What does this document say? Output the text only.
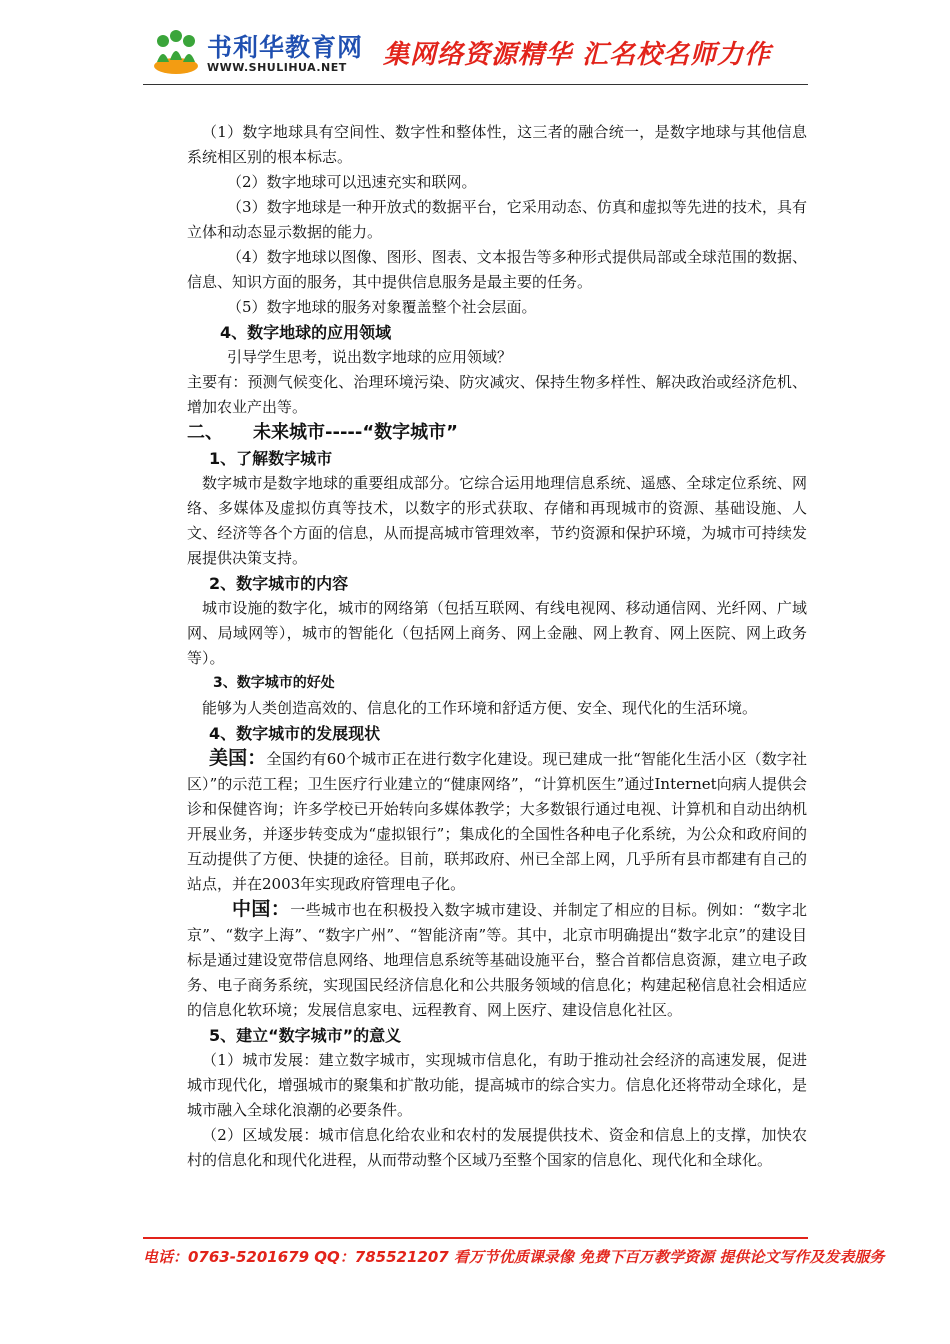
书利华教育网
WWW.SHULIHUA.NET 集网络资源精华 汇名校名师力作

（1）数字地球具有空间性、数字性和整体性，这三者的融合统一，是数字地球与其他信息系统相区别的根本标志。

（2）数字地球可以迅速充实和联网。

（3）数字地球是一种开放式的数据平台，它采用动态、仿真和虚拟等先进的技术，具有立体和动态显示数据的能力。

（4）数字地球以图像、图形、图表、文本报告等多种形式提供局部或全球范围的数据、信息、知识方面的服务，其中提供信息服务是最主要的任务。

（5）数字地球的服务对象覆盖整个社会层面。

4、数字地球的应用领域

引导学生思考，说出数字地球的应用领域？

主要有：预测气候变化、治理环境污染、防灾减灾、保持生物多样性、解决政治或经济危机、增加农业产出等。

二、 未来城市-----“数字城市”

1、了解数字城市

数字城市是数字地球的重要组成部分。它综合运用地理信息系统、遥感、全球定位系统、网络、多媒体及虚拟仿真等技术，以数字的形式获取、存储和再现城市的资源、基础设施、人文、经济等各个方面的信息，从而提高城市管理效率，节约资源和保护环境，为城市可持续发展提供决策支持。

2、数字城市的内容

城市设施的数字化，城市的网络第（包括互联网、有线电视网、移动通信网、光纤网、广域网、局域网等），城市的智能化（包括网上商务、网上金融、网上教育、网上医院、网上政务等）。

3、数字城市的好处

能够为人类创造高效的、信息化的工作环境和舒适方便、安全、现代化的生活环境。

4、数字城市的发展现状

美国：全国约有60个城市正在进行数字化建设。现已建成一批“智能化生活小区（数字社区）”的示范工程；卫生医疗行业建立的“健康网络”，“计算机医生”通过Internet向病人提供会诊和保健咨询；许多学校已开始转向多媒体教学；大多数银行通过电视、计算机和自动出纳机开展业务，并逐步转变成为“虚拟银行”；集成化的全国性各种电子化系统，为公众和政府间的互动提供了方便、快捷的途径。目前，联邦政府、州已全部上网，几乎所有县市都建有自己的站点，并在2003年实现政府管理电子化。

中国：一些城市也在积极投入数字城市建设、并制定了相应的目标。例如：“数字北京”、“数字上海”、“数字广州”、“智能济南”等。其中，北京市明确提出“数字北京”的建设目标是通过建设宽带信息网络、地理信息系统等基础设施平台，整合首都信息资源，建立电子政务、电子商务系统，实现国民经济信息化和公共服务领域的信息化；构建起秘信息社会相适应的信息化软环境；发展信息家电、远程教育、网上医疗、建设信息化社区。

5、建立“数字城市”的意义

（1）城市发展：建立数字城市，实现城市信息化，有助于推动社会经济的高速发展，促进城市现代化，增强城市的聚集和扩散功能，提高城市的综合实力。信息化还将带动全球化，是城市融入全球化浪潮的必要条件。

（2）区域发展：城市信息化给农业和农村的发展提供技术、资金和信息上的支撑，加快农村的信息化和现代化进程，从而带动整个区域乃至整个国家的信息化、现代化和全球化。

电话：0763-5201679 QQ：785521207 看万节优质课录像 免费下百万教学资源 提供论文写作及发表服务
